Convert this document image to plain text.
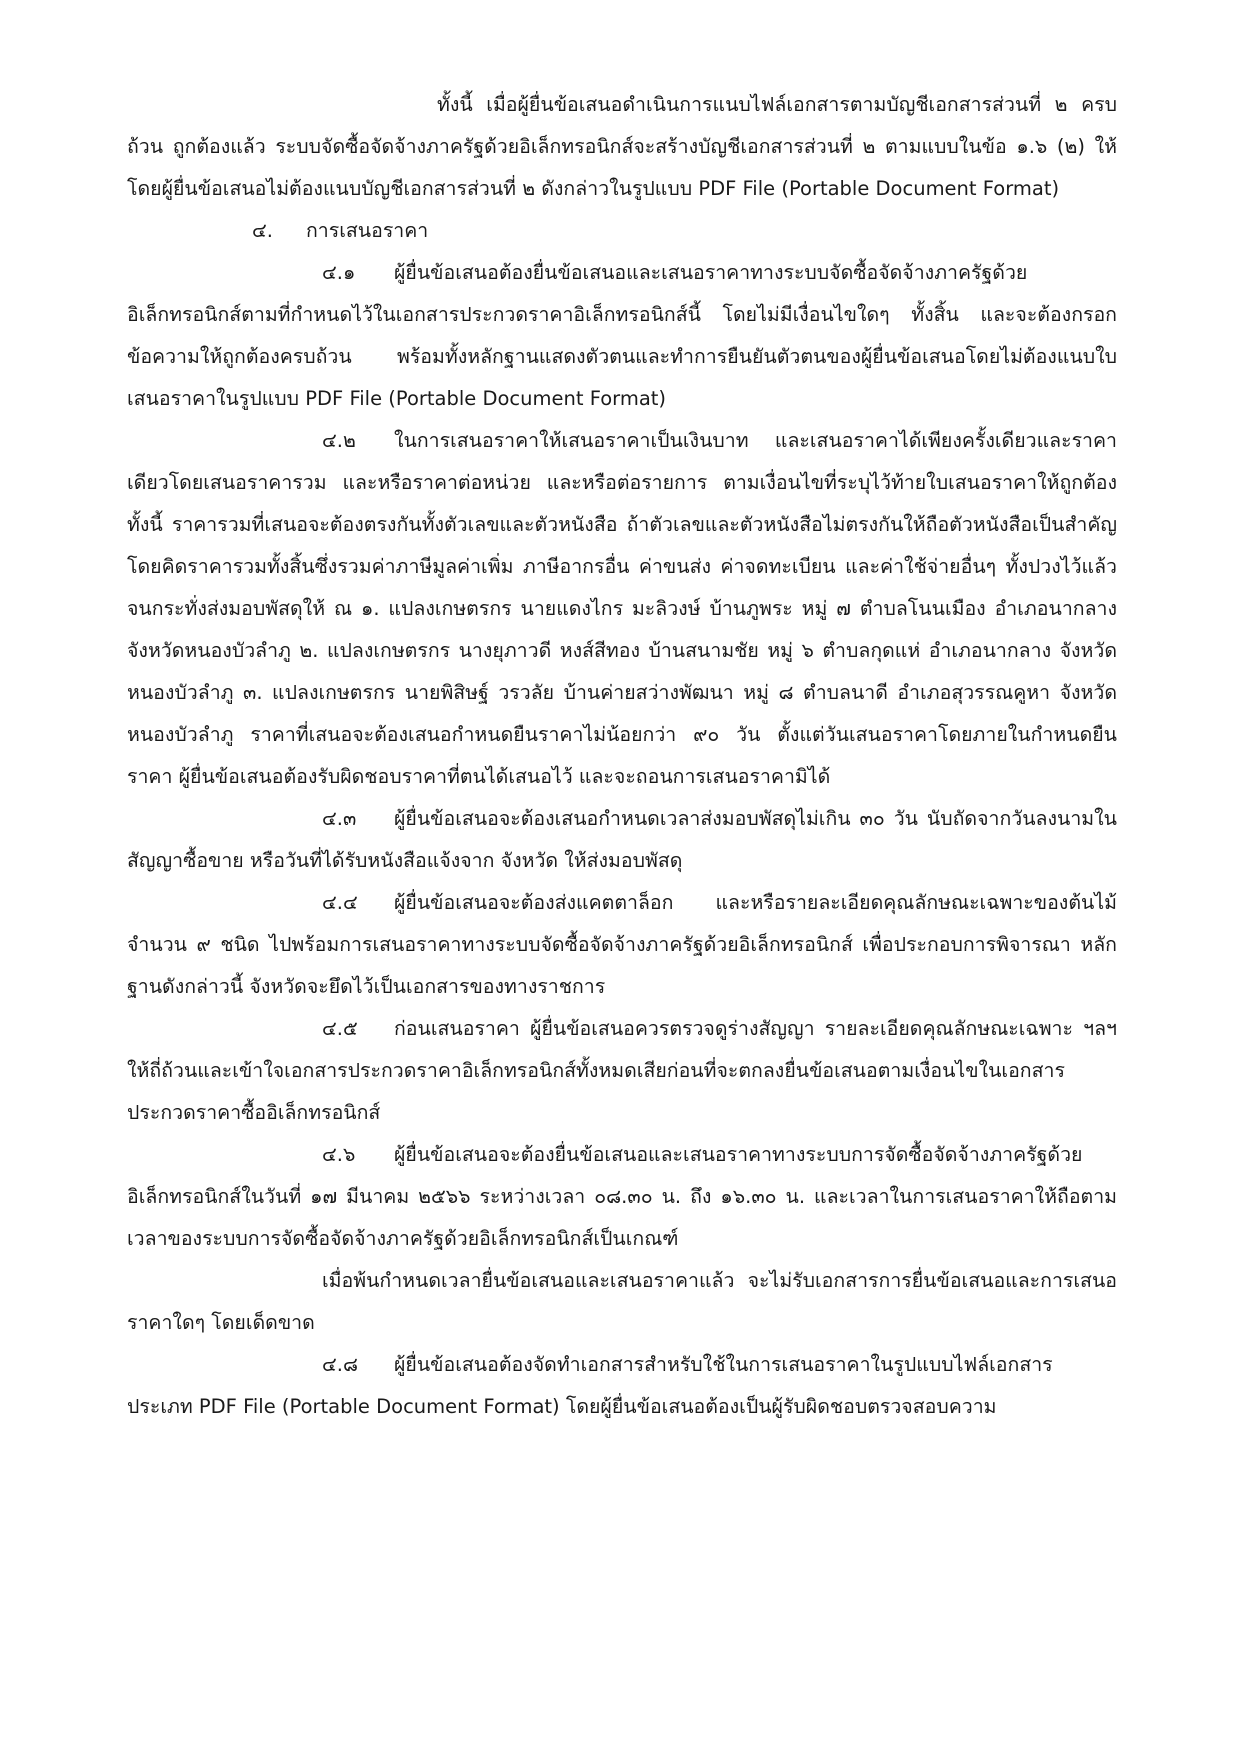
ทั้งนี้ เมื่อผู้ยื่นข้อเสนอดำเนินการแนบไฟล์เอกสารตามบัญชีเอกสารส่วนที่ ๒ ครบถ้วน ถูกต้องแล้ว ระบบจัดซื้อจัดจ้างภาครัฐด้วยอิเล็กทรอนิกส์จะสร้างบัญชีเอกสารส่วนที่ ๒ ตามแบบในข้อ ๑.๖ (๒) ให้โดยผู้ยื่นข้อเสนอไม่ต้องแนบบัญชีเอกสารส่วนที่ ๒ ดังกล่าวในรูปแบบ PDF File (Portable Document Format)

๔. การเสนอราคา

๔.๑ ผู้ยื่นข้อเสนอต้องยื่นข้อเสนอและเสนอราคาทางระบบจัดซื้อจัดจ้างภาครัฐด้วยอิเล็กทรอนิกส์ตามที่กำหนดไว้ในเอกสารประกวดราคาอิเล็กทรอนิกส์นี้ โดยไม่มีเงื่อนไขใดๆ ทั้งสิ้น และจะต้องกรอกข้อความให้ถูกต้องครบถ้วน พร้อมทั้งหลักฐานแสดงตัวตนและทำการยืนยันตัวตนของผู้ยื่นข้อเสนอโดยไม่ต้องแนบใบเสนอราคาในรูปแบบ PDF File (Portable Document Format)

๔.๒ ในการเสนอราคาให้เสนอราคาเป็นเงินบาท และเสนอราคาได้เพียงครั้งเดียวและราคาเดียวโดยเสนอราคารวม และหรือราคาต่อหน่วย และหรือต่อรายการ ตามเงื่อนไขที่ระบุไว้ท้ายใบเสนอราคาให้ถูกต้อง ทั้งนี้ ราคารวมที่เสนอจะต้องตรงกันทั้งตัวเลขและตัวหนังสือ ถ้าตัวเลขและตัวหนังสือไม่ตรงกันให้ถือตัวหนังสือเป็นสำคัญ โดยคิดราคารวมทั้งสิ้นซึ่งรวมค่าภาษีมูลค่าเพิ่ม ภาษีอากรอื่น ค่าขนส่ง ค่าจดทะเบียน และค่าใช้จ่ายอื่นๆ ทั้งปวงไว้แล้ว จนกระทั่งส่งมอบพัสดุให้ ณ ๑. แปลงเกษตรกร นายแดงไกร มะลิวงษ์ บ้านภูพระ หมู่ ๗ ตำบลโนนเมือง อำเภอนากลาง จังหวัดหนองบัวลำภู ๒. แปลงเกษตรกร นางยุภาวดี หงส์สีทอง บ้านสนามชัย หมู่ ๖ ตำบลกุดแห่ อำเภอนากลาง จังหวัดหนองบัวลำภู ๓. แปลงเกษตรกร นายพิสิษฐ์ วรวลัย บ้านค่ายสว่างพัฒนา หมู่ ๘ ตำบลนาดี อำเภอสุวรรณคูหา จังหวัดหนองบัวลำภู ราคาที่เสนอจะต้องเสนอกำหนดยืนราคาไม่น้อยกว่า ๙๐ วัน ตั้งแต่วันเสนอราคาโดยภายในกำหนดยืนราคา ผู้ยื่นข้อเสนอต้องรับผิดชอบราคาที่ตนได้เสนอไว้ และจะถอนการเสนอราคามิได้

๔.๓ ผู้ยื่นข้อเสนอจะต้องเสนอกำหนดเวลาส่งมอบพัสดุไม่เกิน ๓๐ วัน นับถัดจากวันลงนามในสัญญาซื้อขาย หรือวันที่ได้รับหนังสือแจ้งจาก จังหวัด ให้ส่งมอบพัสดุ

๔.๔ ผู้ยื่นข้อเสนอจะต้องส่งแคตตาล็อก และหรือรายละเอียดคุณลักษณะเฉพาะของต้นไม้ จำนวน ๙ ชนิด ไปพร้อมการเสนอราคาทางระบบจัดซื้อจัดจ้างภาครัฐด้วยอิเล็กทรอนิกส์ เพื่อประกอบการพิจารณา หลักฐานดังกล่าวนี้ จังหวัดจะยึดไว้เป็นเอกสารของทางราชการ

๔.๕ ก่อนเสนอราคา ผู้ยื่นข้อเสนอควรตรวจดูร่างสัญญา รายละเอียดคุณลักษณะเฉพาะ ฯลฯ ให้ถี่ถ้วนและเข้าใจเอกสารประกวดราคาอิเล็กทรอนิกส์ทั้งหมดเสียก่อนที่จะตกลงยื่นข้อเสนอตามเงื่อนไขในเอกสารประกวดราคาซื้ออิเล็กทรอนิกส์

๔.๖ ผู้ยื่นข้อเสนอจะต้องยื่นข้อเสนอและเสนอราคาทางระบบการจัดซื้อจัดจ้างภาครัฐด้วยอิเล็กทรอนิกส์ในวันที่ ๑๗ มีนาคม ๒๕๖๖ ระหว่างเวลา ๐๘.๓๐ น. ถึง ๑๖.๓๐ น. และเวลาในการเสนอราคาให้ถือตามเวลาของระบบการจัดซื้อจัดจ้างภาครัฐด้วยอิเล็กทรอนิกส์เป็นเกณฑ์

เมื่อพ้นกำหนดเวลายื่นข้อเสนอและเสนอราคาแล้ว จะไม่รับเอกสารการยื่นข้อเสนอและการเสนอราคาใดๆ โดยเด็ดขาด

๔.๘ ผู้ยื่นข้อเสนอต้องจัดทำเอกสารสำหรับใช้ในการเสนอราคาในรูปแบบไฟล์เอกสารประเภท PDF File (Portable Document Format) โดยผู้ยื่นข้อเสนอต้องเป็นผู้รับผิดชอบตรวจสอบความ
